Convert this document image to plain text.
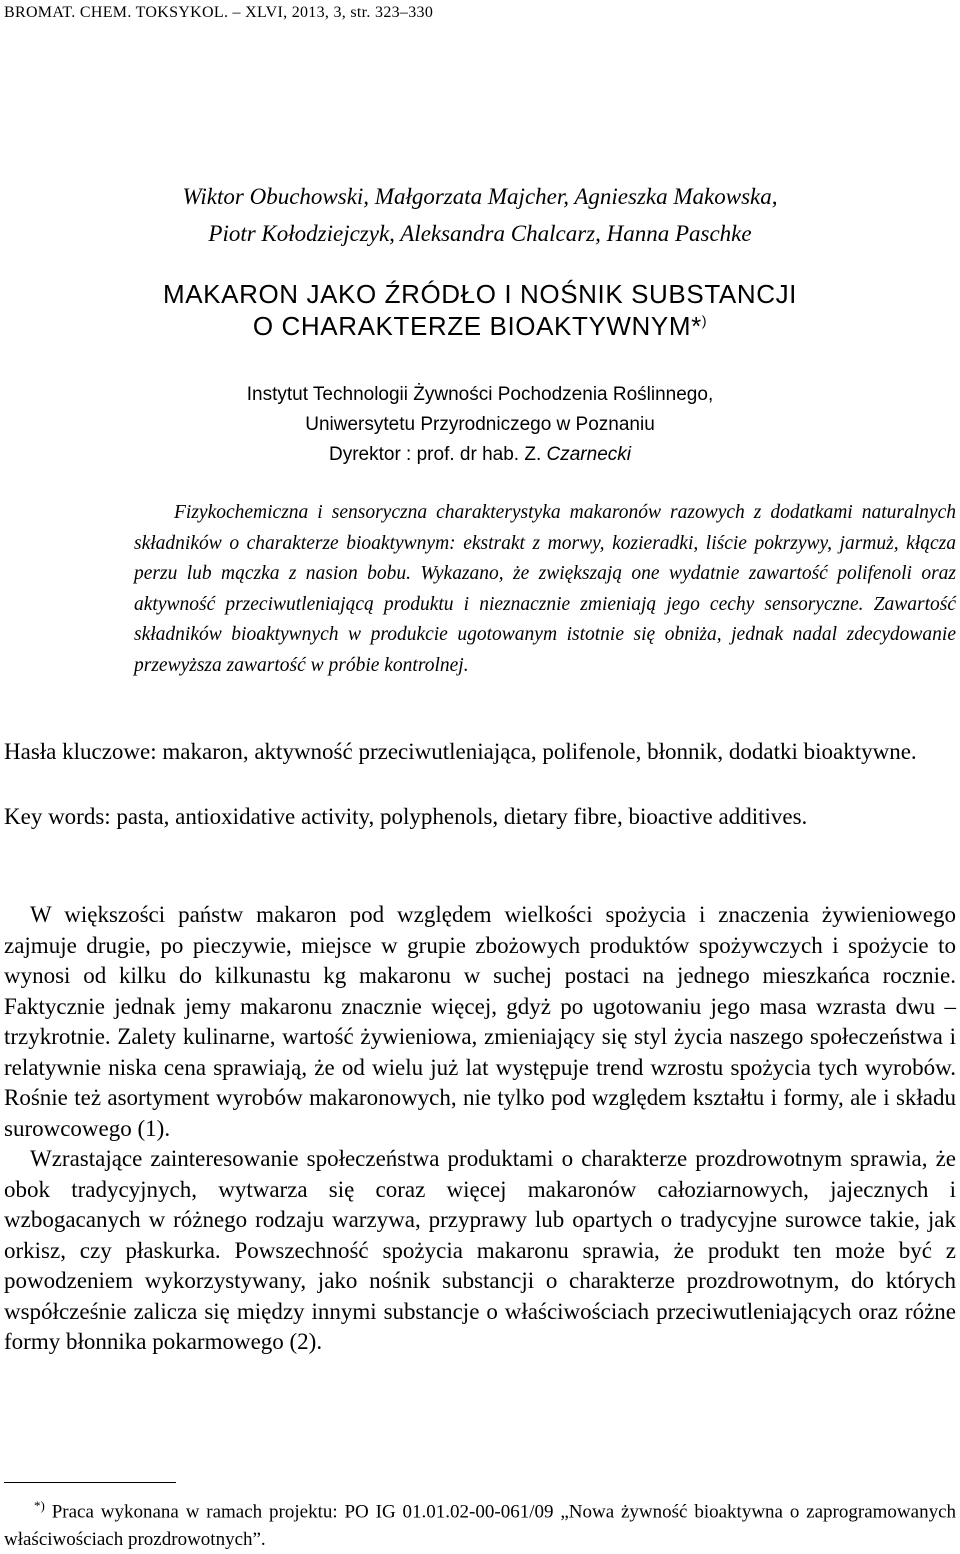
BROMAT. CHEM. TOKSYKOL. – XLVI, 2013, 3, str. 323–330
Wiktor Obuchowski, Małgorzata Majcher, Agnieszka Makowska,
Piotr Kołodziejczyk, Aleksandra Chalcarz, Hanna Paschke
MAKARON JAKO ŹRÓDŁO I NOŚNIK SUBSTANCJI
O CHARAKTERZE BIOAKTYWNYM*)
Instytut Technologii Żywności Pochodzenia Roślinnego,
Uniwersytetu Przyrodniczego w Poznaniu
Dyrektor : prof. dr hab. Z. Czarnecki
Fizykochemiczna i sensoryczna charakterystyka makaronów razowych z dodatkami naturalnych składników o charakterze bioaktywnym: ekstrakt z morwy, kozieradki, liście pokrzywy, jarmuż, kłącza perzu lub mączka z nasion bobu. Wykazano, że zwiększają one wydatnie zawartość polifenoli oraz aktywność przeciwutleniającą produktu i nieznacznie zmieniają jego cechy sensoryczne. Zawartość składników bioaktywnych w produkcie ugotowanym istotnie się obniża, jednak nadal zdecydowanie przewyższa zawartość w próbie kontrolnej.
Hasła kluczowe: makaron, aktywność przeciwutleniająca, polifenole, błonnik, dodatki bioaktywne.
Key words: pasta, antioxidative activity, polyphenols, dietary fibre, bioactive additives.

W większości państw makaron pod względem wielkości spożycia i znaczenia żywieniowego zajmuje drugie, po pieczywie, miejsce w grupie zbożowych produktów spożywczych i spożycie to wynosi od kilku do kilkunastu kg makaronu w suchej postaci na jednego mieszkańca rocznie. Faktycznie jednak jemy makaronu znacznie więcej, gdyż po ugotowaniu jego masa wzrasta dwu – trzykrotnie. Zalety kulinarne, wartość żywieniowa, zmieniający się styl życia naszego społeczeństwa i relatywnie niska cena sprawiają, że od wielu już lat występuje trend wzrostu spożycia tych wyrobów. Rośnie też asortyment wyrobów makaronowych, nie tylko pod względem kształtu i formy, ale i składu surowcowego (1).

Wzrastające zainteresowanie społeczeństwa produktami o charakterze prozdrowotnym sprawia, że obok tradycyjnych, wytwarza się coraz więcej makaronów całoziarnowych, jajecznych i wzbogacanych w różnego rodzaju warzywa, przyprawy lub opartych o tradycyjne surowce takie, jak orkisz, czy płaskurka. Powszechność spożycia makaronu sprawia, że produkt ten może być z powodzeniem wykorzystywany, jako nośnik substancji o charakterze prozdrowotnym, do których współcześnie zalicza się między innymi substancje o właściwościach przeciwutleniających oraz różne formy błonnika pokarmowego (2).

*) Praca wykonana w ramach projektu: PO IG 01.01.02-00-061/09 „Nowa żywność bioaktywna o zaprogramowanych właściwościach prozdrowotnych”.
